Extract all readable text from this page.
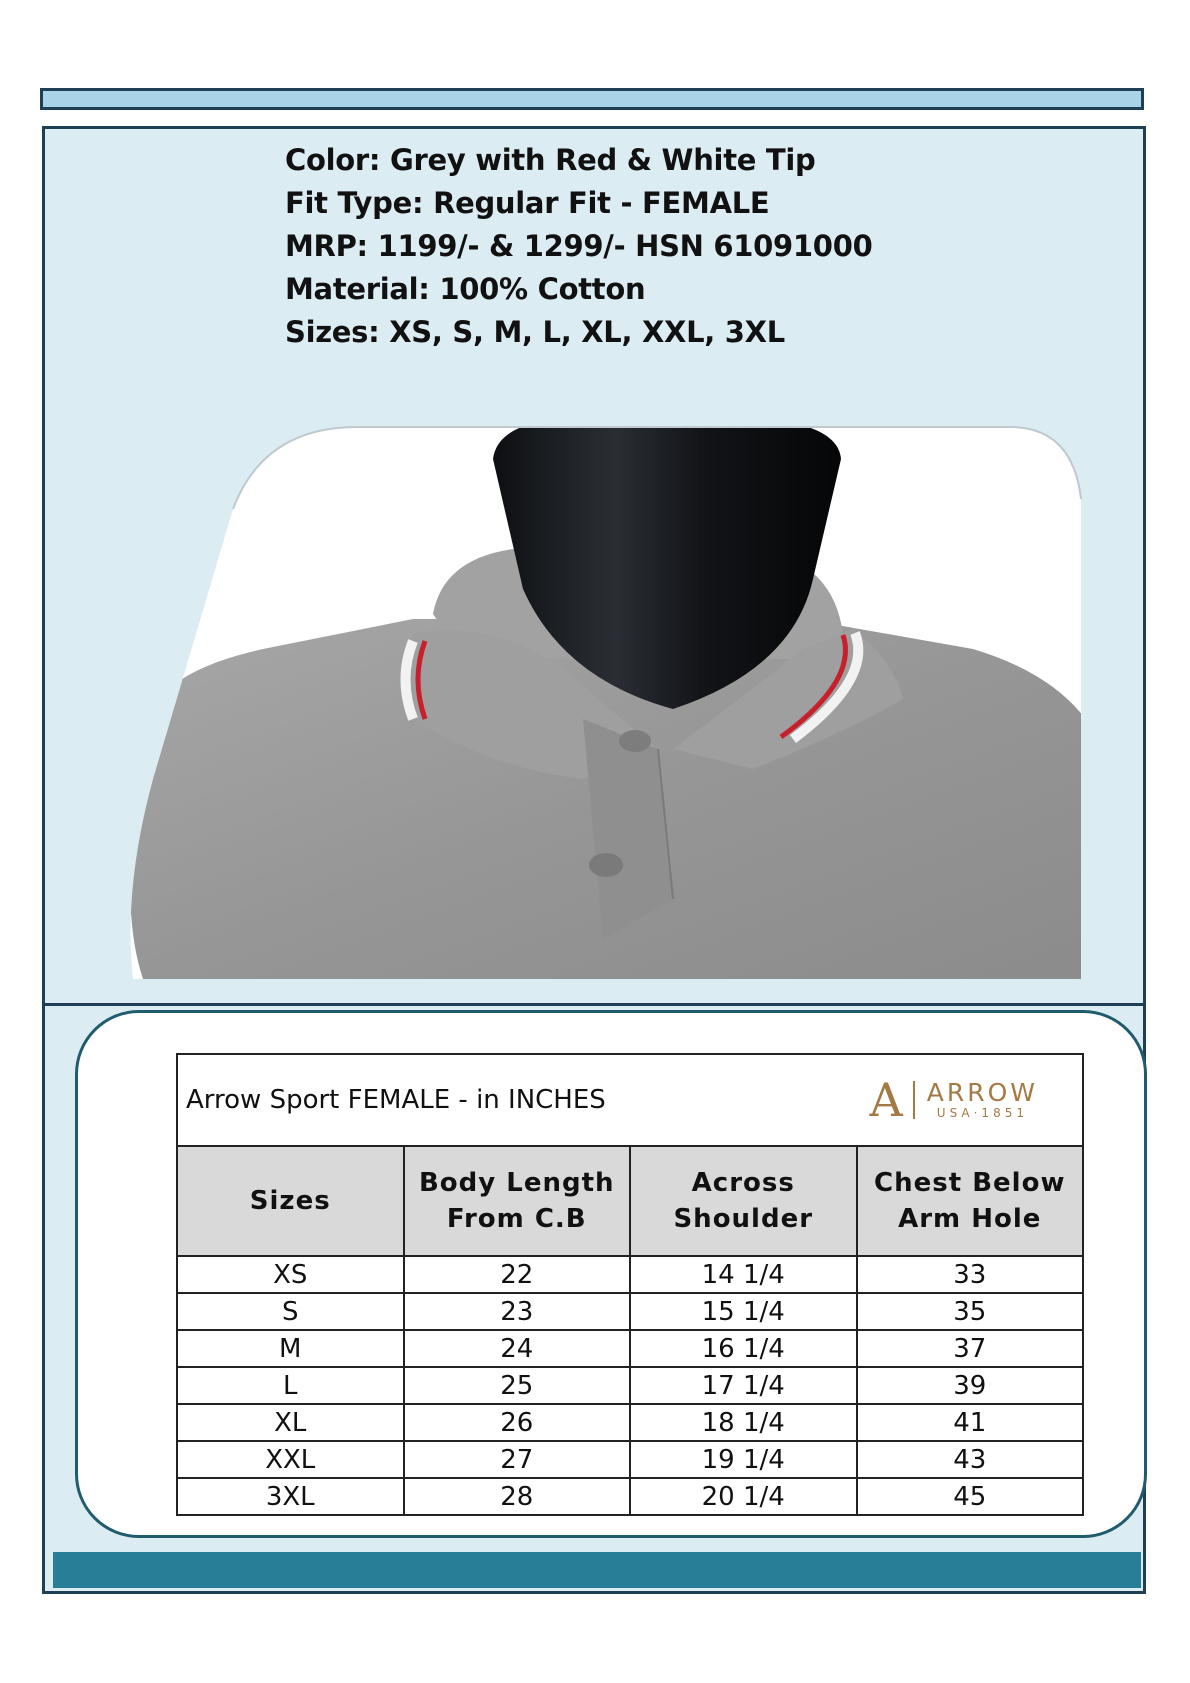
Color: Grey with Red & White Tip
Fit Type: Regular Fit - FEMALE
MRP: 1199/- & 1299/- HSN 61091000
Material: 100% Cotton
Sizes: XS, S, M, L, XL, XXL, 3XL
Arrow Sport FEMALE - in INCHES A ARROW
USA·1851			

Sizes	Body Length From C.B	Across Shoulder	Chest Below Arm Hole
XS	22	14 1/4	33
S	23	15 1/4	35
M	24	16 1/4	37
L	25	17 1/4	39
XL	26	18 1/4	41
XXL	27	19 1/4	43
3XL	28	20 1/4	45
